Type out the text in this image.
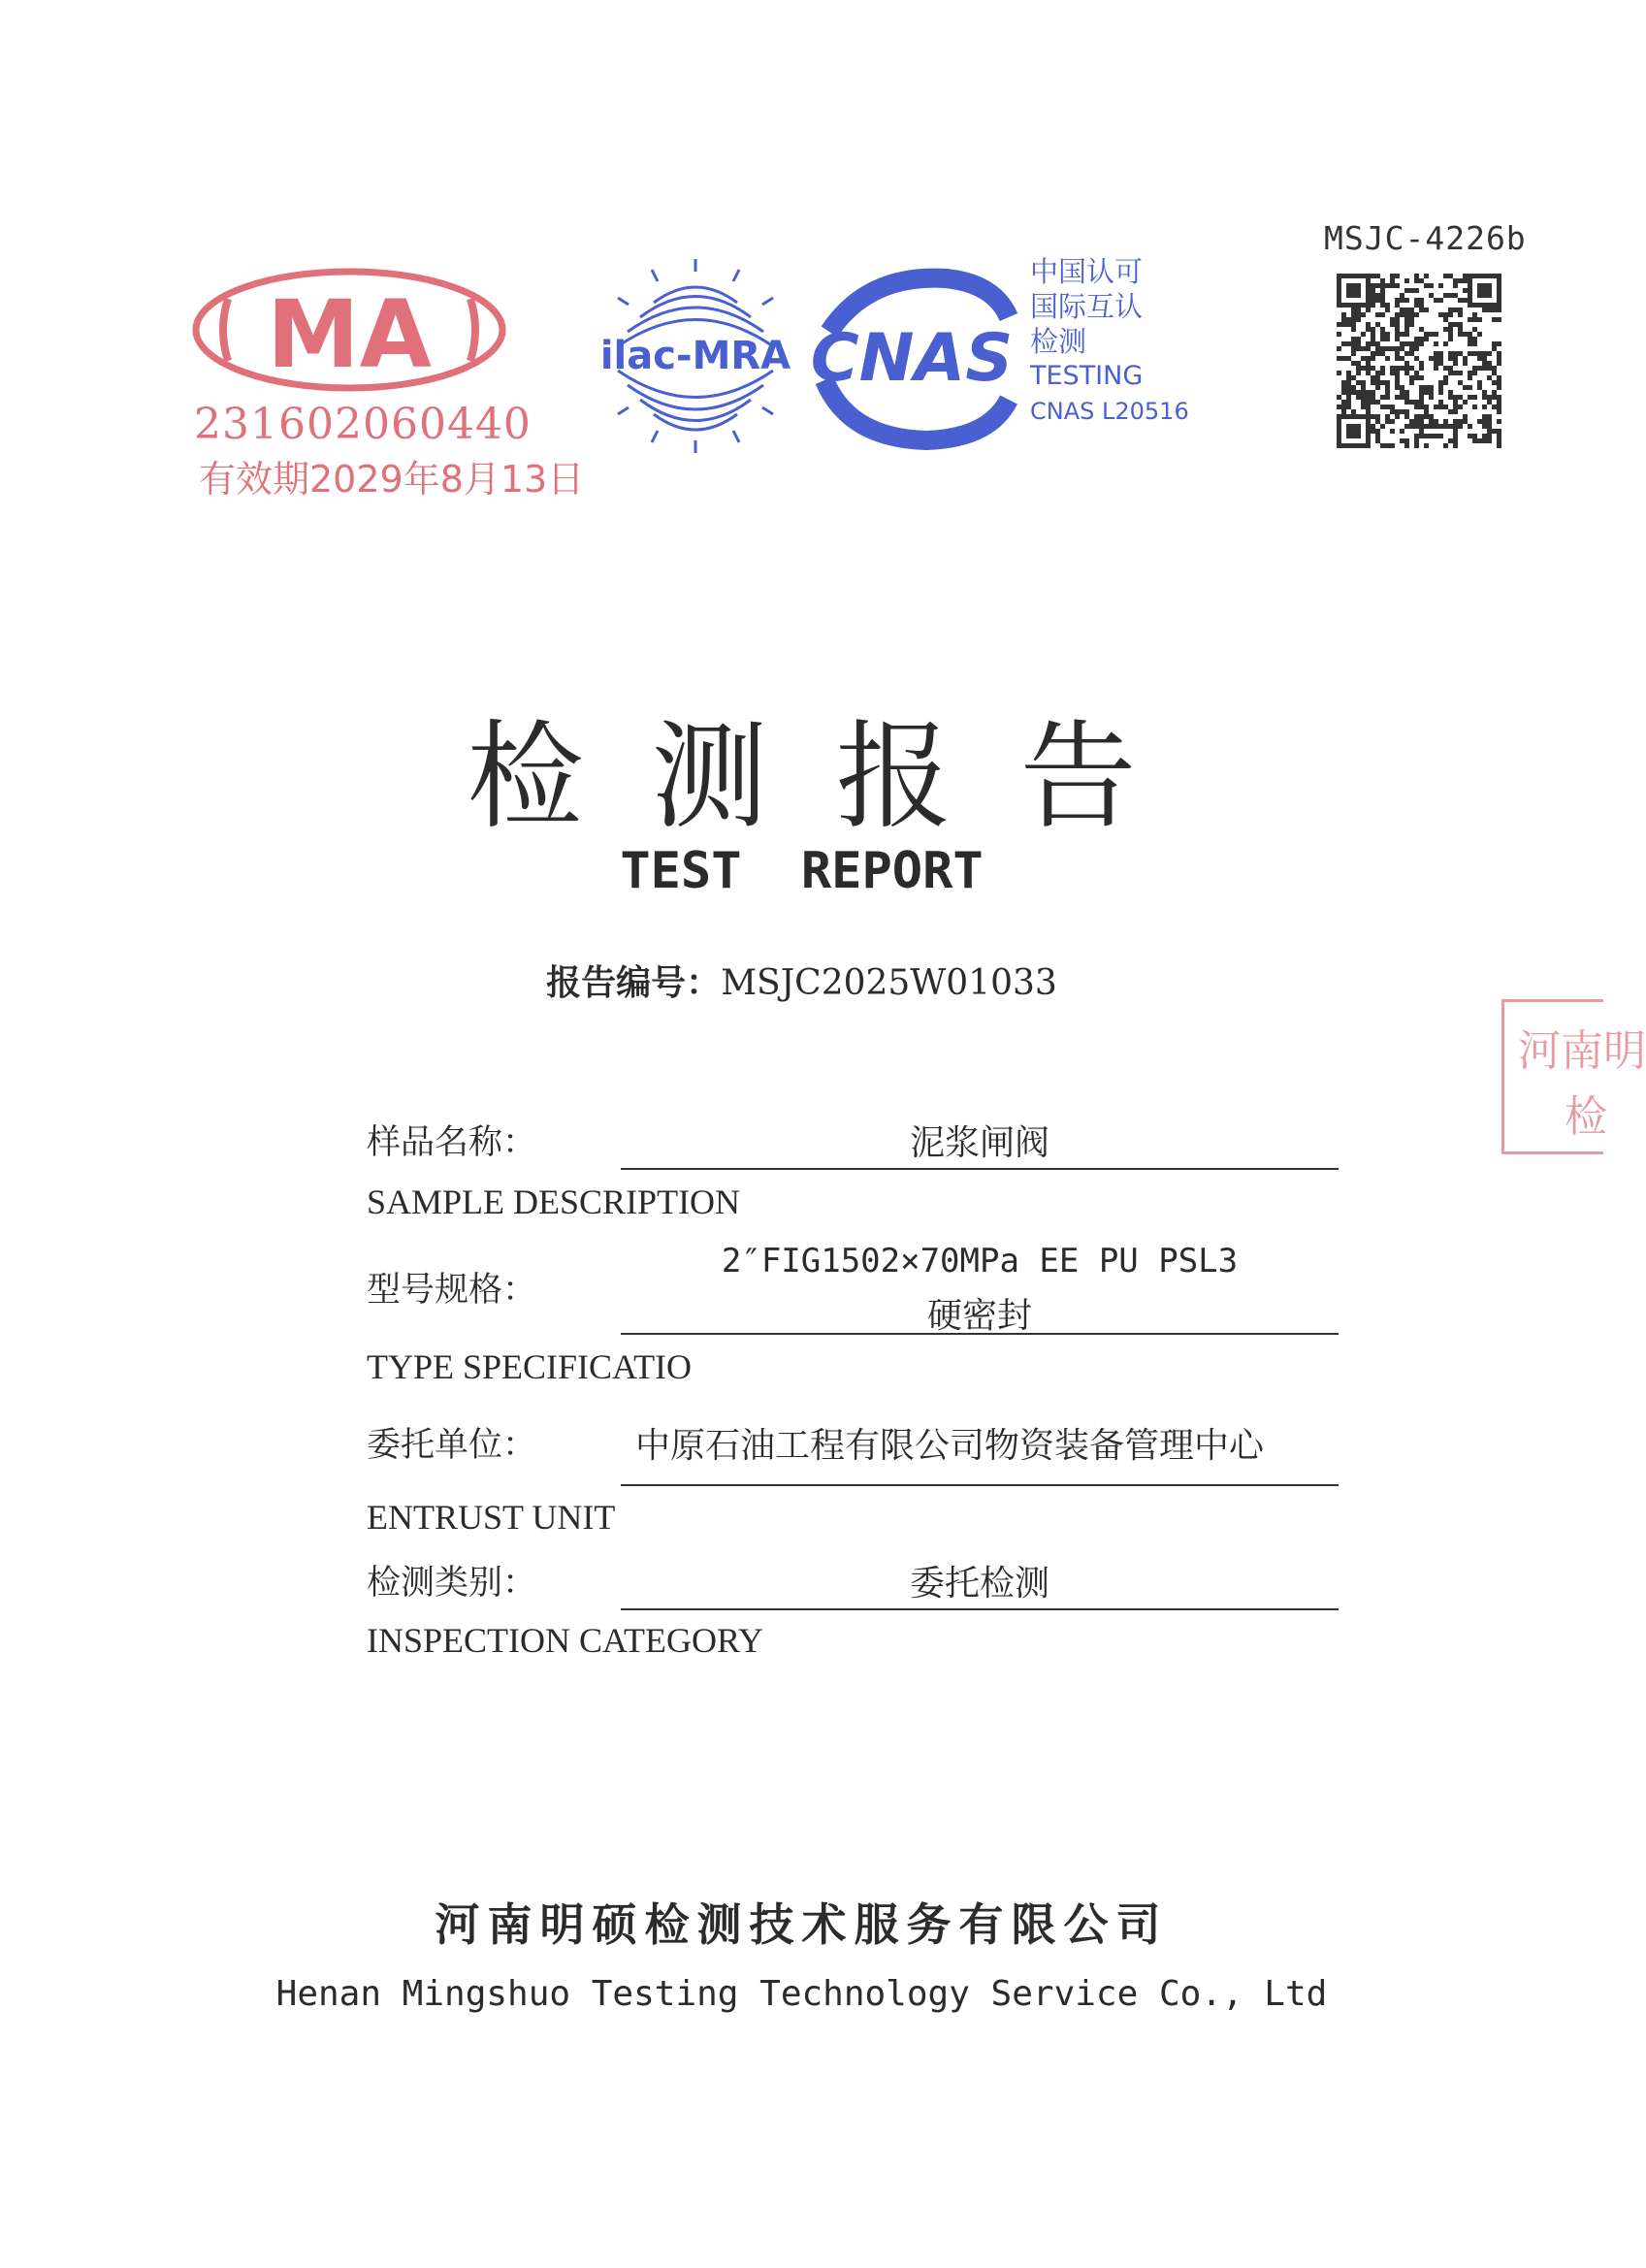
MSJC-4226b
MA
231602060440
有效期2029年8月13日
ilac-MRA CNAS
中国认可
国际互认
检测
TESTING
CNAS L20516
检测报告
TEST REPORT
报告编号：MSJC2025W01033
河南明
检
样品名称：	泥浆闸阀
SAMPLE DESCRIPTION
型号规格：
2″FIG1502×70MPa EE PU PSL3
硬密封
TYPE SPECIFICATIO
委托单位：	中原石油工程有限公司物资装备管理中心
ENTRUST UNIT
检测类别：	委托检测
INSPECTION CATEGORY
河南明硕检测技术服务有限公司
Henan Mingshuo Testing Technology Service Co., Ltd
